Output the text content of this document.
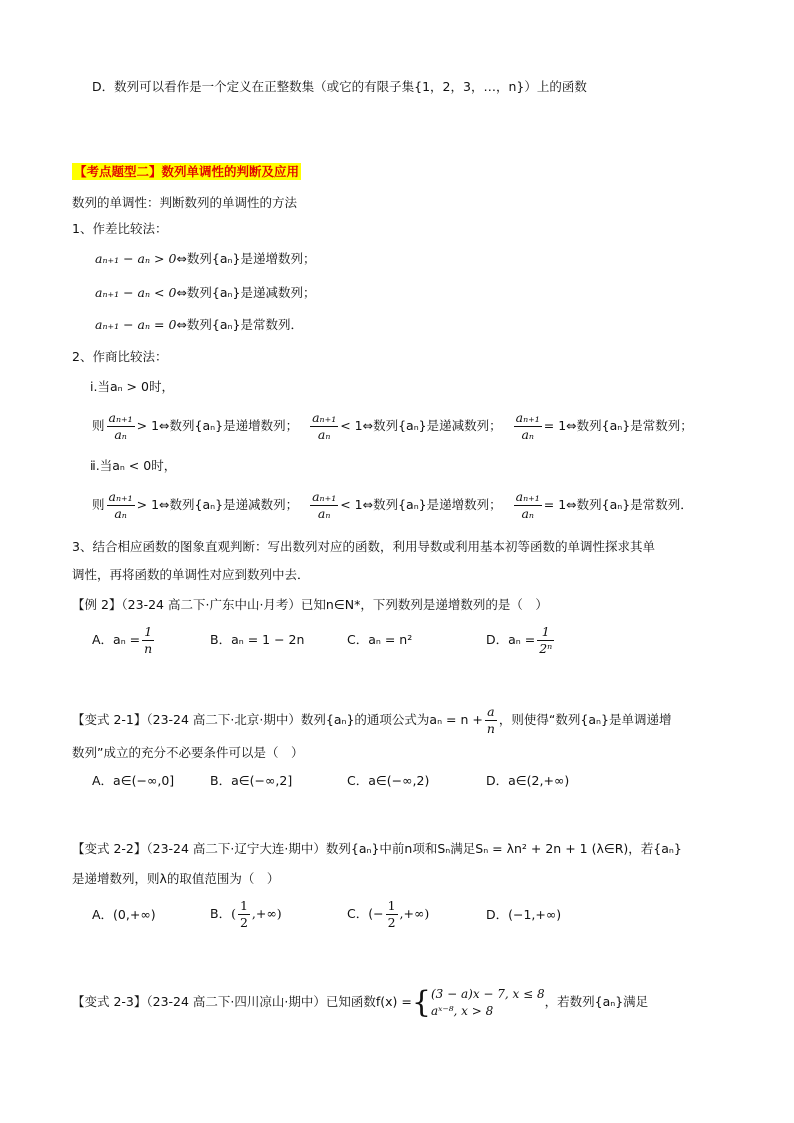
D．数列可以看作是一个定义在正整数集（或它的有限子集{1，2，3，…，n}）上的函数
【考点题型二】数列单调性的判断及应用
数列的单调性：判断数列的单调性的方法
1、作差比较法：
aₙ₊₁ − aₙ > 0⇔数列{aₙ}是递增数列；
aₙ₊₁ − aₙ < 0⇔数列{aₙ}是递减数列；
aₙ₊₁ − aₙ = 0⇔数列{aₙ}是常数列．
2、作商比较法：
ⅰ.当aₙ > 0时，
则 $\frac{\text{aₙ₊₁}}{\text{aₙ}}$ > 1⇔数列{aₙ}是递增数列； $\frac{\text{aₙ₊₁}}{\text{aₙ}}$ < 1⇔数列{aₙ}是递减数列； $\frac{\text{aₙ₊₁}}{\text{aₙ}}$ = 1⇔数列{aₙ}是常数列；
ⅱ.当aₙ < 0时，
则 $\frac{\text{aₙ₊₁}}{\text{aₙ}}$ > 1⇔数列{aₙ}是递减数列； $\frac{\text{aₙ₊₁}}{\text{aₙ}}$ < 1⇔数列{aₙ}是递增数列； $\frac{\text{aₙ₊₁}}{\text{aₙ}}$ = 1⇔数列{aₙ}是常数列．
3、结合相应函数的图象直观判断：写出数列对应的函数，利用导数或利用基本初等函数的单调性探求其单
调性，再将函数的单调性对应到数列中去．
【例 2】（23-24 高二下·广东中山·月考）已知n∈N*，下列数列是递增数列的是（　）
A．$a_n = \frac{1}{n}$	B．aₙ = 1 − 2n	C．aₙ = n²	D．$a_n = \frac{1}{\text{2ⁿ}}$
【变式 2-1】（23-24 高二下·北京·期中）数列{aₙ}的通项公式为$a_n = n + \frac{a}{n}$ ，则使得“数列{aₙ}是单调递增
数列”成立的充分不必要条件可以是（　）
A．a∈(−∞,0]	B．a∈(−∞,2]	C．a∈(−∞,2)	D．a∈(2,+∞)
【变式 2-2】（23-24 高二下·辽宁大连·期中）数列{aₙ}中前n项和Sₙ满足Sₙ = λn² + 2n + 1 (λ∈R)，若{aₙ}
是递增数列，则λ的取值范围为（　）
A．(0,+∞)	B．( $\frac{1}{2}$ ,+∞)	C．(− $\frac{1}{2}$ ,+∞)	D．(−1,+∞)
【变式 2-3】（23-24 高二下·四川凉山·期中）已知函数f(x) ={ (3 − a)x − 7, x ≤ 8
aˣ⁻⁸, x > 8
，若数列{aₙ}满足
